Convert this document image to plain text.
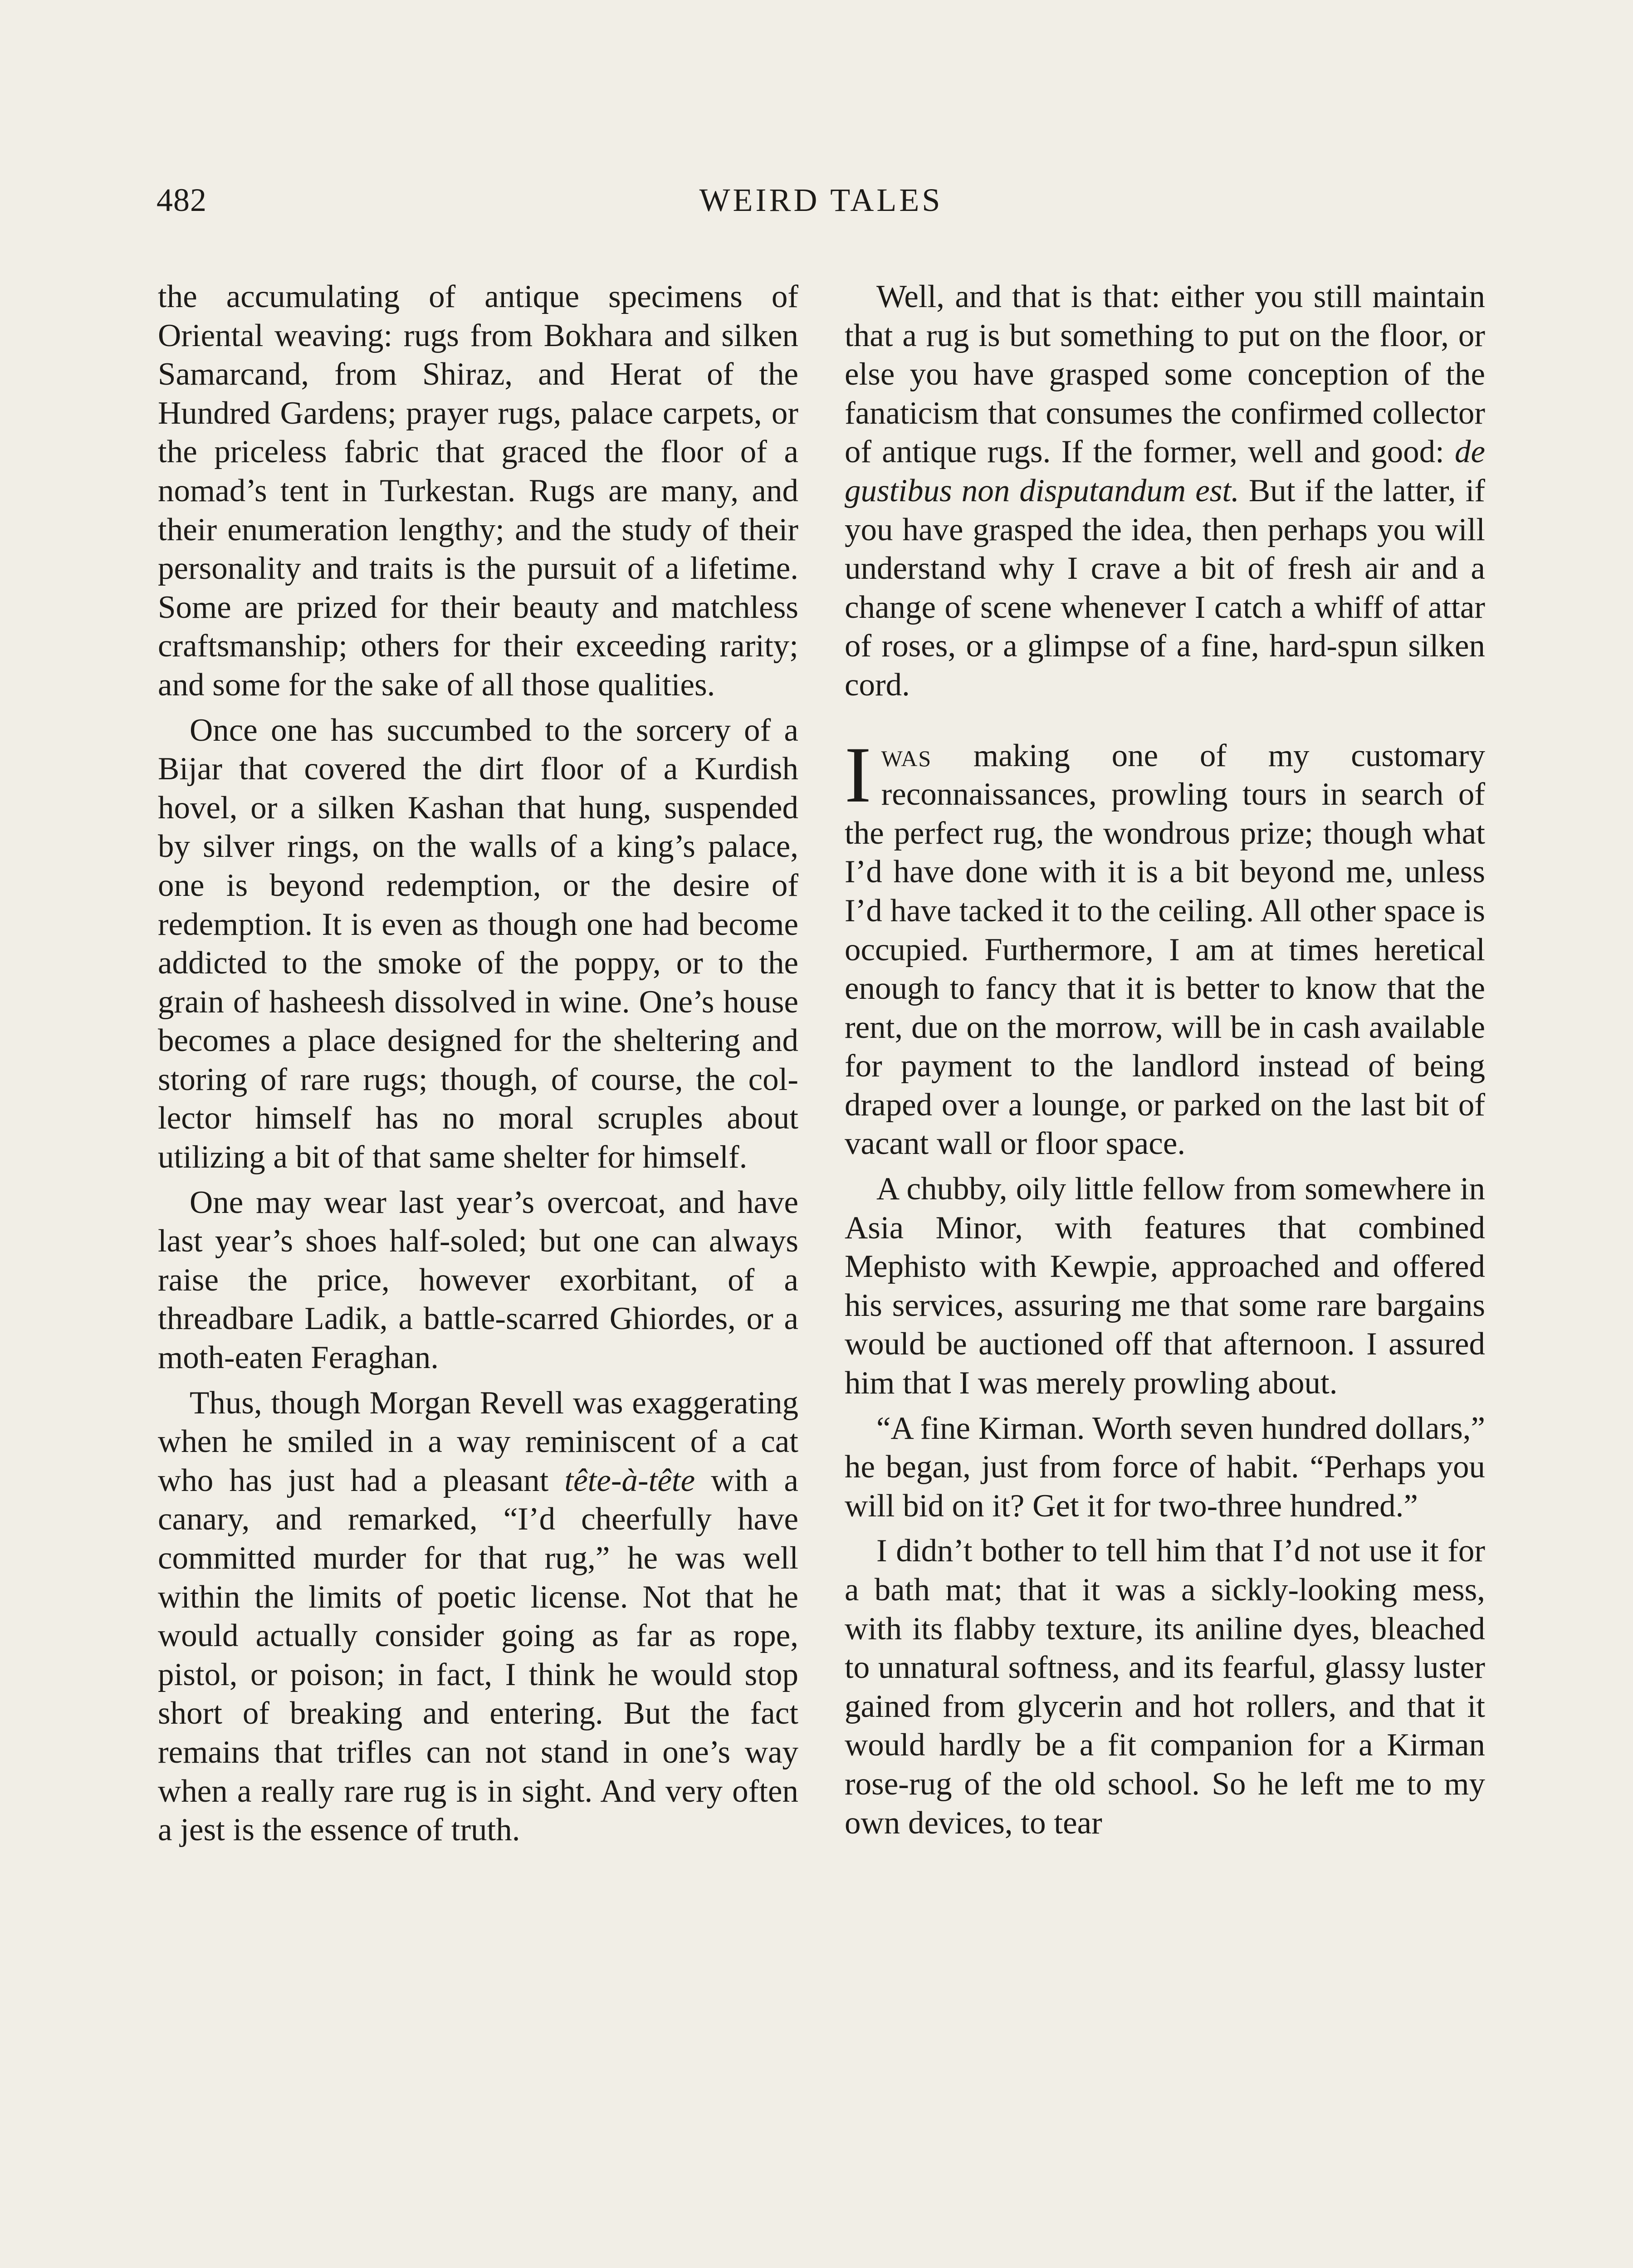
482	WEIRD TALES

the accumulating of antique specimens of Oriental weaving: rugs from Bokhara and silken Samarcand, from Shiraz, and Herat of the Hundred Gardens; prayer rugs, palace carpets, or the priceless fabric that graced the floor of a nomad’s tent in Turkestan. Rugs are many, and their enumeration lengthy; and the study of their personality and traits is the pursuit of a lifetime. Some are prized for their beauty and matchless craftsmanship; others for their exceeding rarity; and some for the sake of all those qualities.

Once one has succumbed to the sorcery of a Bijar that covered the dirt floor of a Kurdish hovel, or a silken Kashan that hung, suspended by silver rings, on the walls of a king’s palace, one is beyond redemption, or the desire of redemption. It is even as though one had become addicted to the smoke of the poppy, or to the grain of hasheesh dissolved in wine. One’s house becomes a place designed for the sheltering and storing of rare rugs; though, of course, the collector himself has no moral scruples about utilizing a bit of that same shelter for himself.

One may wear last year’s overcoat, and have last year’s shoes half-soled; but one can always raise the price, however exorbitant, of a threadbare Ladik, a battle-scarred Ghiordes, or a moth-eaten Feraghan.

Thus, though Morgan Revell was exaggerating when he smiled in a way reminiscent of a cat who has just had a pleasant tête-à-tête with a canary, and remarked, “I’d cheerfully have committed murder for that rug,” he was well within the limits of poetic license. Not that he would actually consider going as far as rope, pistol, or poison; in fact, I think he would stop short of breaking and entering. But the fact remains that trifles can not stand in one’s way when a really rare rug is in sight. And very often a jest is the essence of truth.

Well, and that is that: either you still maintain that a rug is but something to put on the floor, or else you have grasped some conception of the fanaticism that consumes the confirmed collector of antique rugs. If the former, well and good: de gustibus non disputandum est. But if the latter, if you have grasped the idea, then perhaps you will understand why I crave a bit of fresh air and a change of scene whenever I catch a whiff of attar of roses, or a glimpse of a fine, hard-spun silken cord.

Iwas making one of my customary reconnaissances, prowling tours in search of the perfect rug, the wondrous prize; though what I’d have done with it is a bit beyond me, unless I’d have tacked it to the ceiling. All other space is occupied. Furthermore, I am at times heretical enough to fancy that it is better to know that the rent, due on the morrow, will be in cash available for payment to the landlord instead of being draped over a lounge, or parked on the last bit of vacant wall or floor space.

A chubby, oily little fellow from somewhere in Asia Minor, with features that combined Mephisto with Kewpie, approached and offered his services, assuring me that some rare bargains would be auctioned off that afternoon. I assured him that I was merely prowling about.

“A fine Kirman. Worth seven hundred dollars,” he began, just from force of habit. “Perhaps you will bid on it? Get it for two-three hundred.”

I didn’t bother to tell him that I’d not use it for a bath mat; that it was a sickly-looking mess, with its flabby texture, its aniline dyes, bleached to unnatural softness, and its fearful, glassy luster gained from glycerin and hot rollers, and that it would hardly be a fit companion for a Kirman rose-rug of the old school. So he left me to my own devices, to tear
